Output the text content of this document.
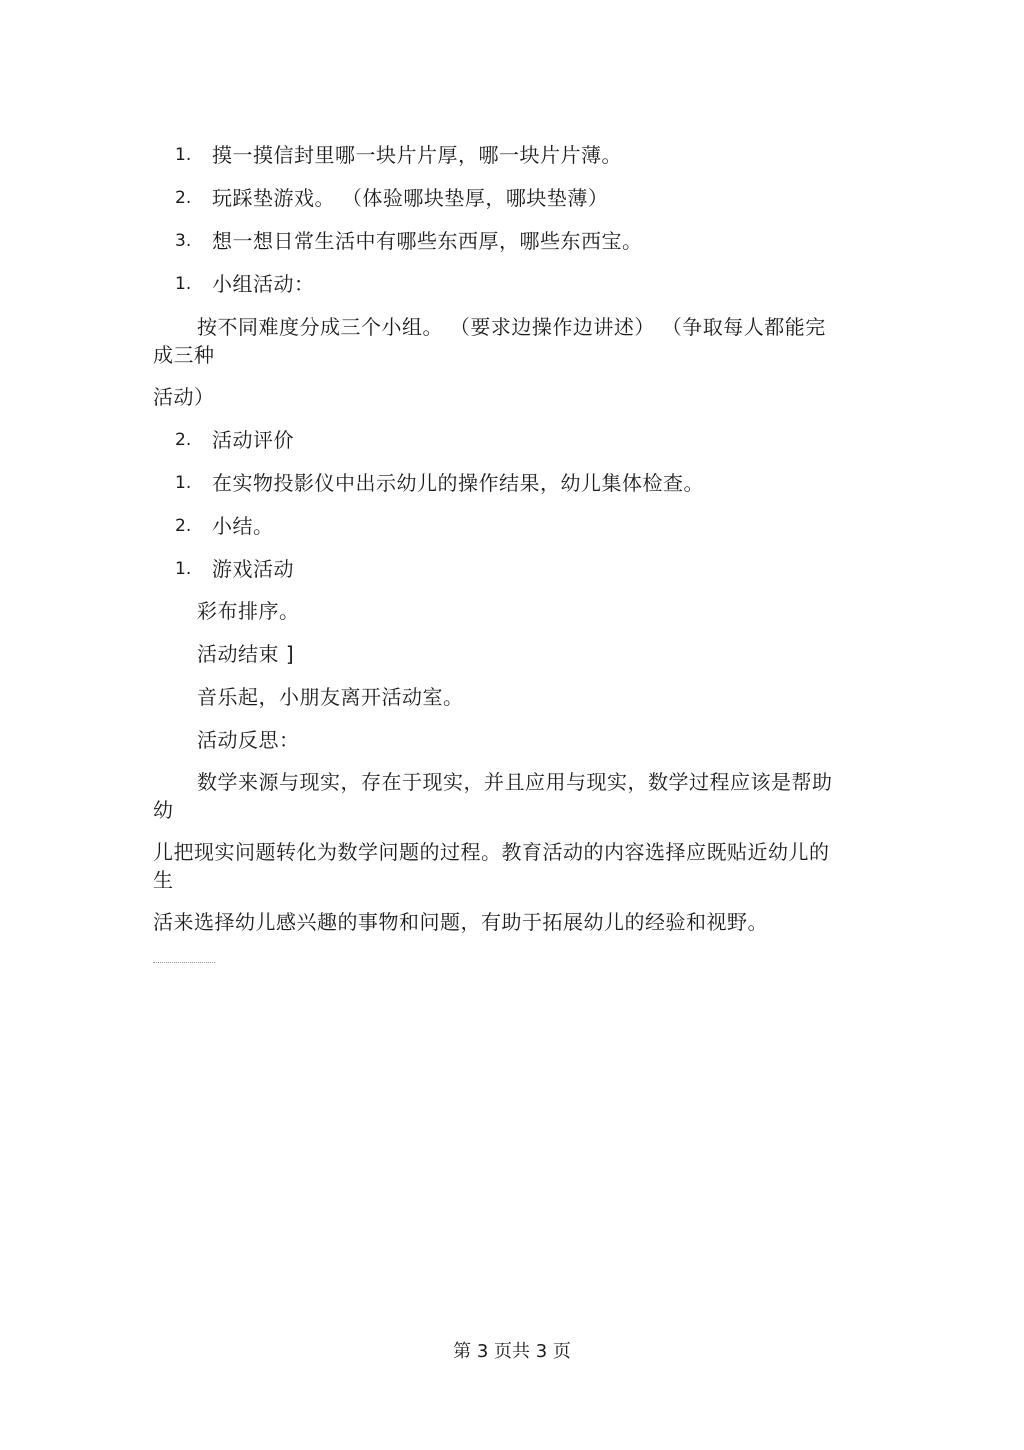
1. 摸一摸信封里哪一块片片厚，哪一块片片薄。
2. 玩踩垫游戏。 （体验哪块垫厚，哪块垫薄）
3. 想一想日常生活中有哪些东西厚，哪些东西宝。
1. 小组活动：
按不同难度分成三个小组。 （要求边操作边讲述） （争取每人都能完
成三种
活动）
2. 活动评价
1. 在实物投影仪中出示幼儿的操作结果，幼儿集体检查。
2. 小结。
1. 游戏活动
彩布排序。
活动结束 ]
音乐起，小朋友离开活动室。
活动反思：
数学来源与现实，存在于现实，并且应用与现实，数学过程应该是帮助
幼
儿把现实问题转化为数学问题的过程。教育活动的内容选择应既贴近幼儿的
生
活来选择幼儿感兴趣的事物和问题，有助于拓展幼儿的经验和视野。
第 3 页共 3 页
